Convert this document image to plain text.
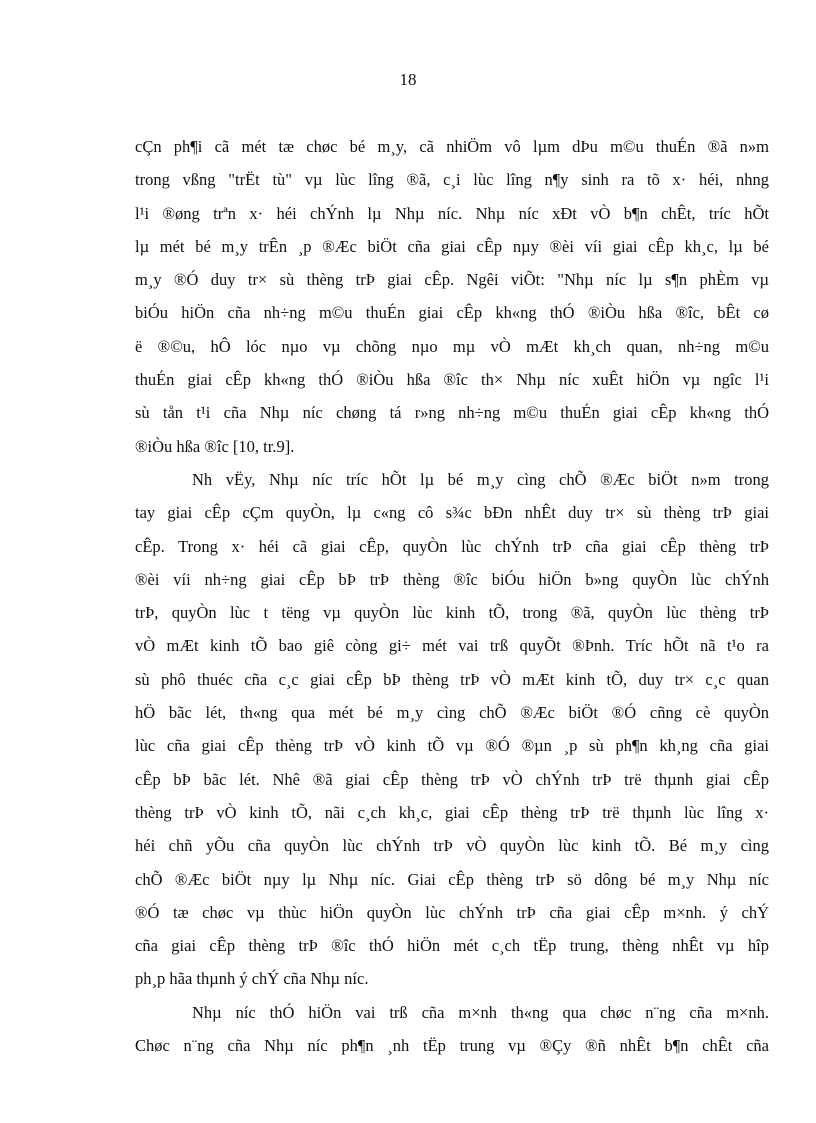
18
cÇn ph¶i cã mét tæ chøc bé m¸y, cã nhiÖm vô lµm dÞu m©u thuÉn ®ã n»m
trong vßng "trËt tù" vµ lùc lîng ®ã, c¸i lùc lîng n¶y sinh ra tõ x· héi, nhng
l¹i ®øng trªn x· héi chÝnh lµ Nhµ níc. Nhµ níc xÐt vÒ b¶n chÊt, tríc hÕt
lµ mét bé m¸y trÊn ¸p ®Æc biÖt cña giai cÊp nµy ®èi víi giai cÊp kh¸c, lµ bé
m¸y ®Ó duy tr× sù thèng trÞ giai cÊp. Ngêi viÕt: "Nhµ níc lµ s¶n phÈm vµ
biÓu hiÖn cña nh÷ng m©u thuÉn giai cÊp kh«ng thÓ ®iÒu hßa ®îc, bÊt cø
ë ®©u, hÔ lóc nµo vµ chõng nµo mµ vÒ mÆt kh¸ch quan, nh÷ng m©u
thuÉn giai cÊp kh«ng thÓ ®iÒu hßa ®îc th× Nhµ níc xuÊt hiÖn vµ ngîc l¹i
sù tån t¹i cña Nhµ níc chøng tá r»ng nh÷ng m©u thuÉn giai cÊp kh«ng thÓ
®iÒu hßa ®îc [10, tr.9].
Nh vËy, Nhµ níc tríc hÕt lµ bé m¸y cìng chÕ ®Æc biÖt n»m trong
tay giai cÊp cÇm quyÒn, lµ c«ng cô s¾c bÐn nhÊt duy tr× sù thèng trÞ giai
cÊp. Trong x· héi cã giai cÊp, quyÒn lùc chÝnh trÞ cña giai cÊp thèng trÞ
®èi víi nh÷ng giai cÊp bÞ trÞ thèng ®îc biÓu hiÖn b»ng quyÒn lùc chÝnh
trÞ, quyÒn lùc t tëng vµ quyÒn lùc kinh tÕ, trong ®ã, quyÒn lùc thèng trÞ
vÒ mÆt kinh tÕ bao giê còng gi÷ mét vai trß quyÕt ®Þnh. Tríc hÕt nã t¹o ra
sù phô thuéc cña c¸c giai cÊp bÞ thèng trÞ vÒ mÆt kinh tÕ, duy tr× c¸c quan
hÖ bãc lét, th«ng qua mét bé m¸y cìng chÕ ®Æc biÖt ®Ó cñng cè quyÒn
lùc cña giai cÊp thèng trÞ vÒ kinh tÕ vµ ®Ó ®µn ¸p sù ph¶n kh¸ng cña giai
cÊp bÞ bãc lét. Nhê ®ã giai cÊp thèng trÞ vÒ chÝnh trÞ trë thµnh giai cÊp
thèng trÞ vÒ kinh tÕ, nãi c¸ch kh¸c, giai cÊp thèng trÞ trë thµnh lùc lîng x·
héi chñ yÕu cña quyÒn lùc chÝnh trÞ vÒ quyÒn lùc kinh tÕ. Bé m¸y cìng
chÕ ®Æc biÖt nµy lµ Nhµ níc. Giai cÊp thèng trÞ sö dông bé m¸y Nhµ níc
®Ó tæ chøc vµ thùc hiÖn quyÒn lùc chÝnh trÞ cña giai cÊp m×nh. ý chÝ
cña giai cÊp thèng trÞ ®îc thÓ hiÖn mét c¸ch tËp trung, thèng nhÊt vµ hîp
ph¸p hãa thµnh ý chÝ cña Nhµ níc.
Nhµ níc thÓ hiÖn vai trß cña m×nh th«ng qua chøc n¨ng cña m×nh.
Chøc n¨ng cña Nhµ níc ph¶n ¸nh tËp trung vµ ®Çy ®ñ nhÊt b¶n chÊt cña
